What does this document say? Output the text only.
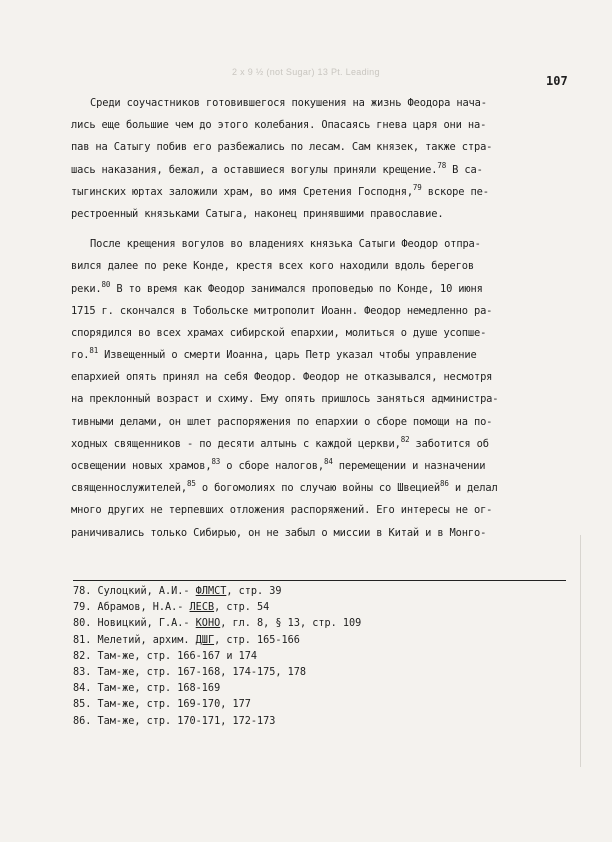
2 x 9 ½ (not Sugar) 13 Pt. Leading
107
Среди соучастников готовившегося покушения на жизнь Феодора нача-
лись еще большие чем до этого колебания. Опасаясь гнева царя они на-
пав на Сатыгу побив его разбежались по лесам. Сам князек, также стра-
шась наказания, бежал, а оставшиеся вогулы приняли крещение.$^{78}$ В са-
тыгинских юртах заложили храм, во имя Сретения Господня,$^{79}$ вскоре пе-
рестроенный князьками Сатыга, наконец принявшими православие.
После крещения вогулов во владениях князька Сатыги Феодор отпра-
вился далее по реке Конде, крестя всех кого находили вдоль берегов
реки.$^{80}$ В то время как Феодор занимался проповедью по Конде, 10 июня
1715 г. скончался в Тобольске митрополит Иоанн. Феодор немедленно ра-
спорядился во всех храмах сибирской епархии, молиться о душе усопше-
го.$^{81}$ Извещенный о смерти Иоанна, царь Петр указал чтобы управление
епархией опять принял на себя Феодор. Феодор не отказывался, несмотря
на преклонный возраст и схиму. Ему опять пришлось заняться администра-
тивными делами, он шлет распоряжения по епархии о сборе помощи на по-
ходных священников - по десяти алтынь с каждой церкви,$^{82}$ заботится об
освещении новых храмов,$^{83}$ о сборе налогов,$^{84}$ перемещении и назначении
священнослужителей,$^{85}$ о богомолиях по случаю войны со Швецией$^{86}$ и делал
много других не терпевших отложения распоряжений. Его интересы не ог-
раничивались только Сибирью, он не забыл о миссии в Китай и в Монго-
78. Сулоцкий, А.И.- ФЛМСТ, стр. 39
79. Абрамов, Н.А.- ЛЕСВ, стр. 54
80. Новицкий, Г.А.- КОНО, гл. 8, § 13, стр. 109
81. Мелетий, архим. ДШГ, стр. 165-166
82. Там-же, стр. 166-167 и 174
83. Там-же, стр. 167-168, 174-175, 178
84. Там-же, стр. 168-169
85. Там-же, стр. 169-170, 177
86. Там-же, стр. 170-171, 172-173
